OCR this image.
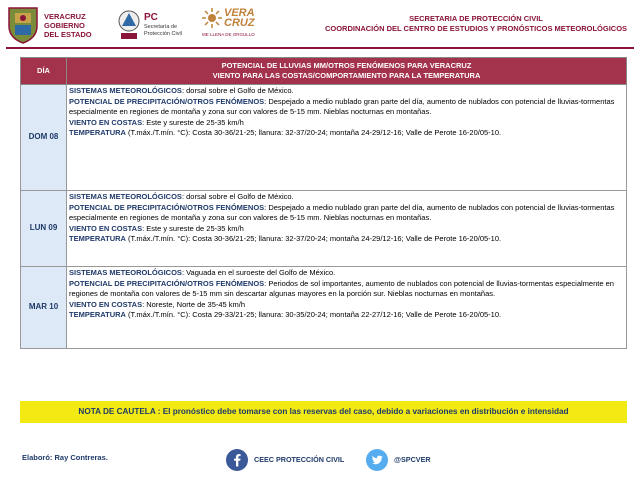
VERACRUZ
GOBIERNO
DEL ESTADO
PC
Secretaría de Protección Civil
VERA CRUZ
ME LLENA DE ORGULLO
SECRETARIA DE PROTECCIÓN CIVIL
COORDINACIÓN DEL CENTRO DE ESTUDIOS Y PRONÓSTICOS METEOROLÓGICOS
DÍA	POTENCIAL DE LLUVIAS MM/OTROS FENÓMENOS PARA VERACRUZ
VIENTO PARA LAS COSTAS/COMPORTAMIENTO PARA LA TEMPERATURA

DOM 08	SISTEMAS METEOROLÓGICOS: dorsal sobre el Golfo de México.
POTENCIAL DE PRECIPITACIÓN/OTROS FENÓMENOS: Despejado a medio nublado gran parte del día, aumento de nublados con potencial de lluvias-tormentas especialmente en regiones de montaña y zona sur con valores de 5-15 mm. Nieblas nocturnas en montañas.
VIENTO EN COSTAS: Este y sureste de 25-35 km/h
TEMPERATURA (T.máx./T.mín. °C): Costa 30-36/21-25; llanura: 32-37/20-24; montaña 24-29/12-16; Valle de Perote 16-20/05-10.

LUN 09	SISTEMAS METEOROLÓGICOS: dorsal sobre el Golfo de México.
POTENCIAL DE PRECIPITACIÓN/OTROS FENÓMENOS: Despejado a medio nublado gran parte del día, aumento de nublados con potencial de lluvias-tormentas especialmente en regiones de montaña y zona sur con valores de 5-15 mm. Nieblas nocturnas en montañas.
VIENTO EN COSTAS: Este y sureste de 25-35 km/h
TEMPERATURA (T.máx./T.mín. °C): Costa 30-36/21-25; llanura: 32-37/20-24; montaña 24-29/12-16; Valle de Perote 16-20/05-10.

MAR 10	SISTEMAS METEOROLÓGICOS: Vaguada en el suroeste del Golfo de México.
POTENCIAL DE PRECIPITACIÓN/OTROS FENÓMENOS: Periodos de sol importantes, aumento de nublados con potencial de lluvias-tormentas especialmente en regiones de montaña con valores de 5-15 mm sin descartar algunas mayores en la porción sur. Nieblas nocturnas en montañas.
VIENTO EN COSTAS: Noreste, Norte de 35-45 km/h
TEMPERATURA (T.máx./T.mín. °C): Costa 29-33/21-25; llanura: 30-35/20-24; montaña 22-27/12-16; Valle de Perote 16-20/05-10.
NOTA DE CAUTELA : El pronóstico debe tomarse con las reservas del caso, debido a variaciones en distribución e intensidad
Elaboró: Ray Contreras.	CEEC PROTECCIÓN CIVIL	@SPCVER
